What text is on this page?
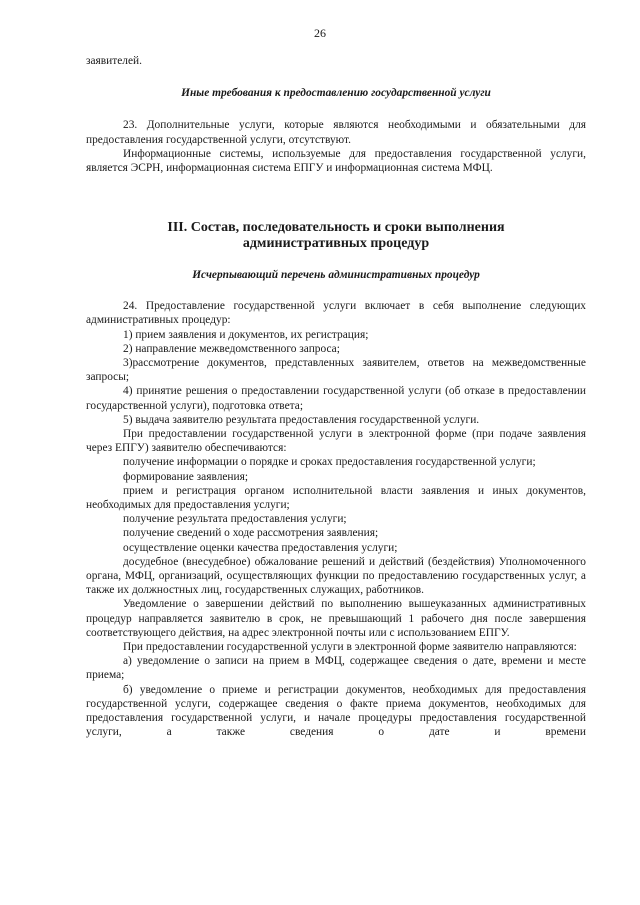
26

заявителей.

Иные требования к предоставлению государственной услуги

23. Дополнительные услуги, которые являются необходимыми и обязательными для предоставления государственной услуги, отсутствуют.

Информационные системы, используемые для предоставления государственной услуги, является ЭСРН, информационная система ЕПГУ и информационная система МФЦ.

III. Состав, последовательность и сроки выполнения
административных процедур

Исчерпывающий перечень административных процедур

24. Предоставление государственной услуги включает в себя выполнение следующих административных процедур:

1) прием заявления и документов, их регистрация;

2) направление межведомственного запроса;

3)рассмотрение документов, представленных заявителем, ответов на межведомственные запросы;

4) принятие решения о предоставлении государственной услуги (об отказе в предоставлении государственной услуги), подготовка ответа;

5) выдача заявителю результата предоставления государственной услуги.

При предоставлении государственной услуги в электронной форме (при подаче заявления через ЕПГУ) заявителю обеспечиваются:

получение информации о порядке и сроках предоставления государственной услуги;

формирование заявления;

прием и регистрация органом исполнительной власти заявления и иных документов, необходимых для предоставления услуги;

получение результата предоставления услуги;

получение сведений о ходе рассмотрения заявления;

осуществление оценки качества предоставления услуги;

досудебное (внесудебное) обжалование решений и действий (бездействия) Уполномоченного органа, МФЦ, организаций, осуществляющих функции по предоставлению государственных услуг, а также их должностных лиц, государственных служащих, работников.

Уведомление о завершении действий по выполнению вышеуказанных административных процедур направляется заявителю в срок, не превышающий 1 рабочего дня после завершения соответствующего действия, на адрес электронной почты или с использованием ЕПГУ.

При предоставлении государственной услуги в электронной форме заявителю направляются:

а) уведомление о записи на прием в МФЦ, содержащее сведения о дате, времени и месте приема;

б) уведомление о приеме и регистрации документов, необходимых для предоставления государственной услуги, содержащее сведения о факте приема документов, необходимых для предоставления государственной услуги, и начале процедуры предоставления государственной услуги, а также сведения о дате и времени
